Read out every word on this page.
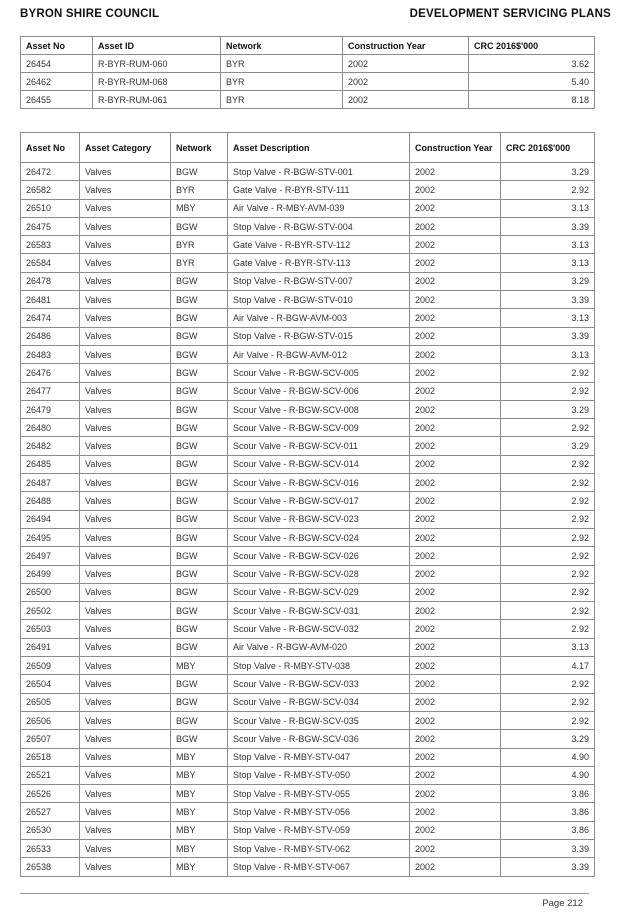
BYRON SHIRE COUNCIL	DEVELOPMENT SERVICING PLANS
Asset No	Asset ID	Network	Construction Year	CRC 2016$'000
26454	R-BYR-RUM-060	BYR	2002	3.62
26462	R-BYR-RUM-068	BYR	2002	5.40
26455	R-BYR-RUM-061	BYR	2002	8.18
Asset No	Asset Category	Network	Asset Description	Construction Year	CRC 2016$'000
26472	Valves	BGW	Stop Valve - R-BGW-STV-001	2002	3.29
26582	Valves	BYR	Gate Valve - R-BYR-STV-111	2002	2.92
26510	Valves	MBY	Air Valve - R-MBY-AVM-039	2002	3.13
26475	Valves	BGW	Stop Valve - R-BGW-STV-004	2002	3.39
26583	Valves	BYR	Gate Valve - R-BYR-STV-112	2002	3.13
26584	Valves	BYR	Gate Valve - R-BYR-STV-113	2002	3.13
26478	Valves	BGW	Stop Valve - R-BGW-STV-007	2002	3.29
26481	Valves	BGW	Stop Valve - R-BGW-STV-010	2002	3.39
26474	Valves	BGW	Air Valve - R-BGW-AVM-003	2002	3.13
26486	Valves	BGW	Stop Valve - R-BGW-STV-015	2002	3.39
26483	Valves	BGW	Air Valve - R-BGW-AVM-012	2002	3.13
26476	Valves	BGW	Scour Valve - R-BGW-SCV-005	2002	2.92
26477	Valves	BGW	Scour Valve - R-BGW-SCV-006	2002	2.92
26479	Valves	BGW	Scour Valve - R-BGW-SCV-008	2002	3.29
26480	Valves	BGW	Scour Valve - R-BGW-SCV-009	2002	2.92
26482	Valves	BGW	Scour Valve - R-BGW-SCV-011	2002	3.29
26485	Valves	BGW	Scour Valve - R-BGW-SCV-014	2002	2.92
26487	Valves	BGW	Scour Valve - R-BGW-SCV-016	2002	2.92
26488	Valves	BGW	Scour Valve - R-BGW-SCV-017	2002	2.92
26494	Valves	BGW	Scour Valve - R-BGW-SCV-023	2002	2.92
26495	Valves	BGW	Scour Valve - R-BGW-SCV-024	2002	2.92
26497	Valves	BGW	Scour Valve - R-BGW-SCV-026	2002	2.92
26499	Valves	BGW	Scour Valve - R-BGW-SCV-028	2002	2.92
26500	Valves	BGW	Scour Valve - R-BGW-SCV-029	2002	2.92
26502	Valves	BGW	Scour Valve - R-BGW-SCV-031	2002	2.92
26503	Valves	BGW	Scour Valve - R-BGW-SCV-032	2002	2.92
26491	Valves	BGW	Air Valve - R-BGW-AVM-020	2002	3.13
26509	Valves	MBY	Stop Valve - R-MBY-STV-038	2002	4.17
26504	Valves	BGW	Scour Valve - R-BGW-SCV-033	2002	2.92
26505	Valves	BGW	Scour Valve - R-BGW-SCV-034	2002	2.92
26506	Valves	BGW	Scour Valve - R-BGW-SCV-035	2002	2.92
26507	Valves	BGW	Scour Valve - R-BGW-SCV-036	2002	3.29
26518	Valves	MBY	Stop Valve - R-MBY-STV-047	2002	4.90
26521	Valves	MBY	Stop Valve - R-MBY-STV-050	2002	4.90
26526	Valves	MBY	Stop Valve - R-MBY-STV-055	2002	3.86
26527	Valves	MBY	Stop Valve - R-MBY-STV-056	2002	3.86
26530	Valves	MBY	Stop Valve - R-MBY-STV-059	2002	3.86
26533	Valves	MBY	Stop Valve - R-MBY-STV-062	2002	3.39
26538	Valves	MBY	Stop Valve - R-MBY-STV-067	2002	3.39
Page 212
